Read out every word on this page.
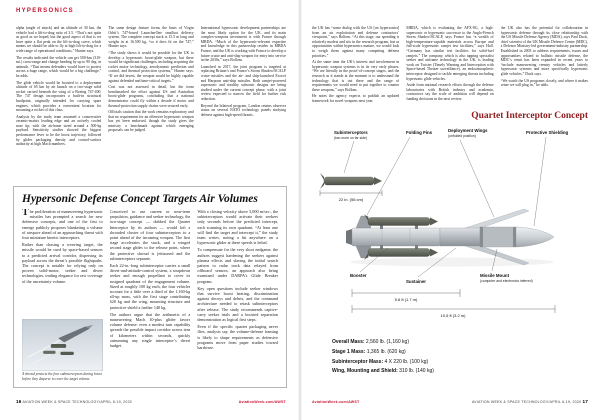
HYPERSONICS

alpha (angle of attack) and an altitude of 30 km, the vehicle had a lift-to-drag ratio of 3.5. “That’s not quite as good as we hoped, but the good aspect of that is we have quite a flat peak on the lift-to-drag curve, which means we should be able to fly at high lift-to-drag for a wide range of operational conditions,” Hunter says.

The results indicated the vehicle can get 500-km (310-mi.) cross-range and change heading by up to 90 deg. in azimuth. “That means defenders would have to protect across a huge range, which would be a big challenge,” he adds.

The glide vehicle would be boosted to a deployment altitude of 65 km by air launch on a two-stage solid rocket carried beneath the wing of a Boeing 747-400. The 747 design incorporates a built-in structural hardpoint, originally intended for carrying spare engines, which provides a convenient location for mounting a rocket of this class.

Analysis by the study team assumed a conservative ceramic-matrix leading edge and an actively cooled nose tip, with the airframe sized around a 500-kg payload. Sensitivity studies showed the biggest performance lever to be the boost trajectory, followed by glider packaging density and control-surface authority at high Mach numbers.

The same design feature forms the basis of Virgin Orbit’s 747-based LauncherOne smallsat delivery system. The complete concept stack is 15.5 m long and weighs in at 16,500 kg, “so it does fit on the 747,” Hunter says.

“The study shows it would be possible for the UK to develop a hypersonic boost-glide weapon, but there would be significant challenges, including acquiring the rocket motor technology, aerodynamic prediction and control, and thermal protection systems,” Hunter says. “If we did invest, the weapon would be highly capable against defended and time-critical targets.”

Cost was not assessed in detail, but the team benchmarked the effort against US and Australian boost-glide programs, concluding that a national demonstrator could fly within a decade if motor and thermal-protection supply chains were secured early.

Officials caution that the work remains exploratory and that no requirement for an offensive hypersonic weapon has yet been endorsed, though the study gives the ministry a benchmark against which emerging proposals can be judged.

International hypersonic development partnerships are the most likely option for the UK, and its main complex-weapons investment is with France through MBDA. “Much of the hypersonic-relevant expertise and knowledge in this partnership resides in MBDA France, and the UK is working with France to develop a future cruise and anti-ship weapon for entry into service in the 2030s,” says Bollom.

Launched in 2017, the joint program is targeted at replacing Britain’s and France’s Storm Shadow/SCALP cruise missiles and the air- and ship-launched Exocet and Harpoon anti-ship missiles. Both ramjet-powered supersonic and stealthy subsonic designs are being studied under the current concept phase, with a joint review expected to narrow the field for further risk reduction.

Beyond the bilateral program, London retains observer status on several NATO technology panels studying defense against high-speed threats.

Hypersonic Defense Concept Targets Air Volumes

The proliferation of maneuvering hypersonic missiles has prompted a search for new defensive concepts, and one of the first to emerge publicly proposes blanketing a volume of airspace ahead of an approaching threat with four miniature kinetic interceptors.

Rather than chasing a weaving target, the missile would be cued by space-based sensors to a predicted arrival corridor, dispersing its payload across the threat’s possible flightpaths. The concept is notable for relying only on proven solid-motor, seeker and divert technologies, trading elegance for raw coverage of the uncertainty volume.

A shroud protects the four subinterceptors during boost before they disperse to cover the target volume.

Conceived to use current or near-term propulsion, guidance and seeker technology, the two-stage concept — dubbed the Quartet Interceptor by its authors — would loft a shrouded cluster of four subinterceptors to a point ahead of the incoming weapon. The first stage accelerates the stack, and a winged second stage glides to the release point, where the protective shroud is jettisoned and the subinterceptors separate.

Each 22-in.-long subinterceptor carries a small divert-and-attitude-control system, a strapdown seeker and enough propellant to cover its assigned quadrant of the engagement volume. Sized at roughly 100 kg each, the four vehicles account for a little over a third of the 1,160-kg all-up mass, with the first stage contributing 620 kg and the wing, mounting structure and protective shield a further 140 kg.

The authors argue that the arithmetic of a maneuvering Mach 10-plus glider favors volume defense: even a modest turn capability spreads the possible impact corridor across tens of kilometers within seconds, quickly outrunning any single interceptor’s divert budget.

With a closing velocity above 3,000 m/sec., the subinterceptors would activate their seekers only seconds before the predicted intercept, each scanning its own quadrant. “At least one will find the target and intercept it,” the study team writes, noting a hit anywhere on a hypersonic glider at these speeds is lethal.

To compensate for the very short endgame, the authors suggest hardening the seekers against plasma effects and slaving the initial search pattern to radar track data relayed from offboard sensors, an approach also being examined under DARPA’s Glide Breaker program.

Key open questions include seeker windows that survive boost heating, discrimination against decoys and debris, and the command architecture needed to retask subinterceptors after release. The study recommends captive-carry seeker trials and a boosted separation demonstration as logical first steps.

Even if the specific quartet packaging never flies, analysts say, the volume-defense framing is likely to shape requirements as defensive programs move from paper studies toward hardware.

16 AVIATION WEEK & SPACE TECHNOLOGY/APRIL 6-19, 2020	AviationWeek.com/AWST

the UK has “some dialog with the US [on hypersonics] from an air exploitation and defense contractors’ viewpoint,” says Bollom. “At this stage, our spending is relatively modest and sits in the research program, but as opportunities within hypersonics mature, we would look to weigh them against many competing defense priorities.”

At the same time the UK’s interest and involvement in hypersonic weapon systems is in its very early phases. “We are literally in the proof-of-concept stages, and the research as it stands at the moment is to understand the technology that is out there and the range of requirements we would need to put together to counter these weapons,” says Bollom.

He notes the agency expects to publish an updated framework for novel weapons next year.

MBDA, which is evaluating the AFX-8G, a high-supersonic or hypersonic successor to the Anglo-French Storm Shadow/SCALP, says France has “a wealth of high-temperature-capable materials across Europe and full-scale hypersonic ramjet test facilities,” says Hall. “Germany has similar test facilities for solid-fuel ramjets.” The company, which is also tapping specialist seeker and airframe technology in the UK, is leading work on Twister (Timely Warning and Interception with Space-based Theater surveillance), an endoatmospheric interceptor designed to tackle emerging threats including hypersonic glide vehicles.

Aside from national research efforts through the defense laboratories with British industry and academia, contractors say the scale of ambition will depend on funding decisions in the next review.

the UK also has the potential for collaboration in hypersonic defense through its close relationship with the US Missile Defense Agency (MDA), says Paul Duck, chief scientist of the UK Missile Defence Centre (MDC), a Defence Ministry-led government-industry partnership. Established in 2003 to address requirements, issues and opportunities related to ballistic missile defense, the MDC’s remit has been expanded in recent years to “include maneuvering reentry vehicles and latterly hypersonic systems and more specifically hypersonic glide vehicles,” Duck says.

“We watch the US programs closely, and where it makes sense we will plug in,” he adds.

Quartet Interceptor Concept
22 in. (56 cm)
Subinterceptors
(two more on far side)
Folding Fins	Deployment Wings
(unfolded position)
Protective Shielding
Booster
Sustainer
Missile Mount
(computer and electronics inferred)
5.6 ft (1.7 m)
10.5 ft (3.2 m)
Overall Mass: 2,560 lb. (1,160 kg)
Stage 1 Mass: 1,365 lb. (620 kg)
Subinterceptor Mass: 4 X 220 lb. (100 kg)
Wing, Mounting and Shield: 310 lb. (140 kg)
AviationWeek.com/AWST	AVIATION WEEK & SPACE TECHNOLOGY/APRIL 6-19, 2020 17
